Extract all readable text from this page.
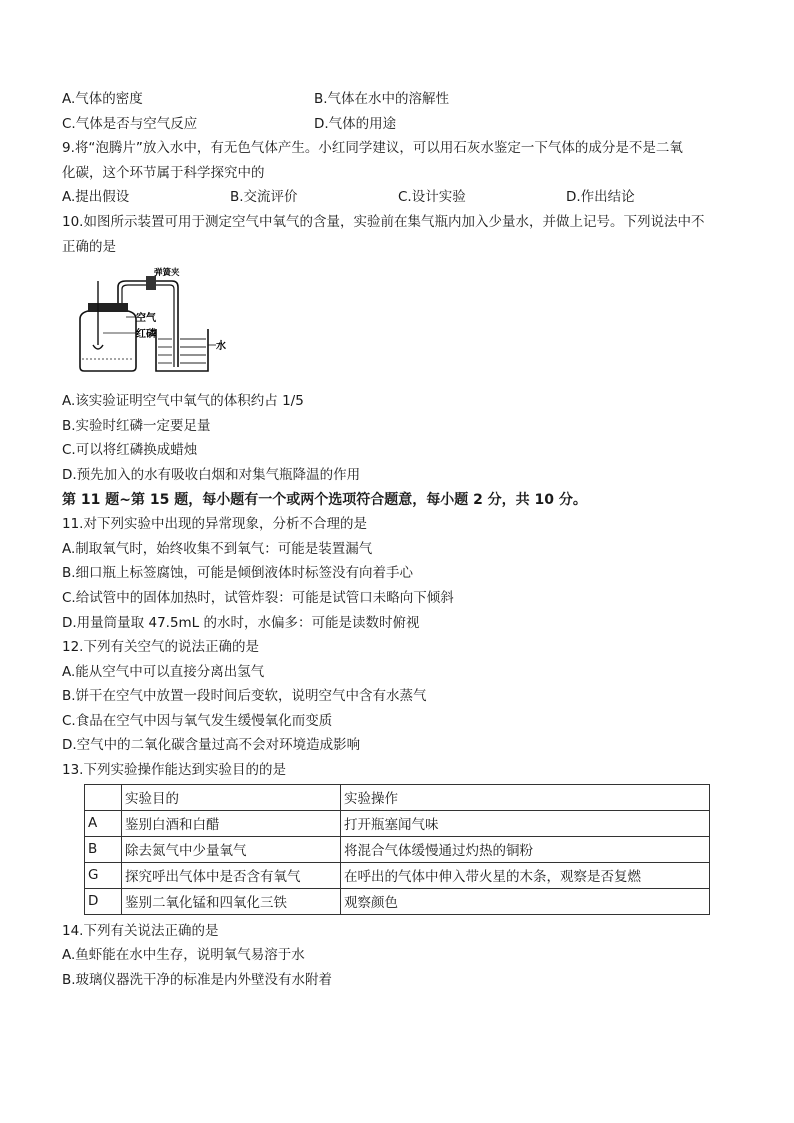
A.气体的密度	B.气体在水中的溶解性
C.气体是否与空气反应	D.气体的用途
9.将“泡腾片”放入水中，有无色气体产生。小红同学建议，可以用石灰水鉴定一下气体的成分是不是二氧
化碳，这个环节属于科学探究中的
A.提出假设	B.交流评价	C.设计实验	D.作出结论
10.如图所示装置可用于测定空气中氧气的含量，实验前在集气瓶内加入少量水，并做上记号。下列说法中不
正确的是
弹簧夹
空气
红磷
水
A.该实验证明空气中氧气的体积约占 1/5
B.实验时红磷一定要足量
C.可以将红磷换成蜡烛
D.预先加入的水有吸收白烟和对集气瓶降温的作用
第 11 题~第 15 题，每小题有一个或两个选项符合题意，每小题 2 分，共 10 分。
11.对下列实验中出现的异常现象，分析不合理的是
A.制取氧气时，始终收集不到氧气：可能是装置漏气
B.细口瓶上标签腐蚀，可能是倾倒液体时标签没有向着手心
C.给试管中的固体加热时，试管炸裂：可能是试管口未略向下倾斜
D.用量筒量取 47.5mL 的水时，水偏多：可能是读数时俯视
12.下列有关空气的说法正确的是
A.能从空气中可以直接分离出氢气
B.饼干在空气中放置一段时间后变软，说明空气中含有水蒸气
C.食品在空气中因与氧气发生缓慢氧化而变质
D.空气中的二氧化碳含量过高不会对环境造成影响
13.下列实验操作能达到实验目的的是
	实验目的	实验操作
A	鉴别白酒和白醋	打开瓶塞闻气味
B	除去氮气中少量氧气	将混合气体缓慢通过灼热的铜粉
G	探究呼出气体中是否含有氧气	在呼出的气体中伸入带火星的木条，观察是否复燃
D	鉴别二氧化锰和四氧化三铁	观察颜色
14.下列有关说法正确的是
A.鱼虾能在水中生存，说明氧气易溶于水
B.玻璃仪器洗干净的标准是内外壁没有水附着
